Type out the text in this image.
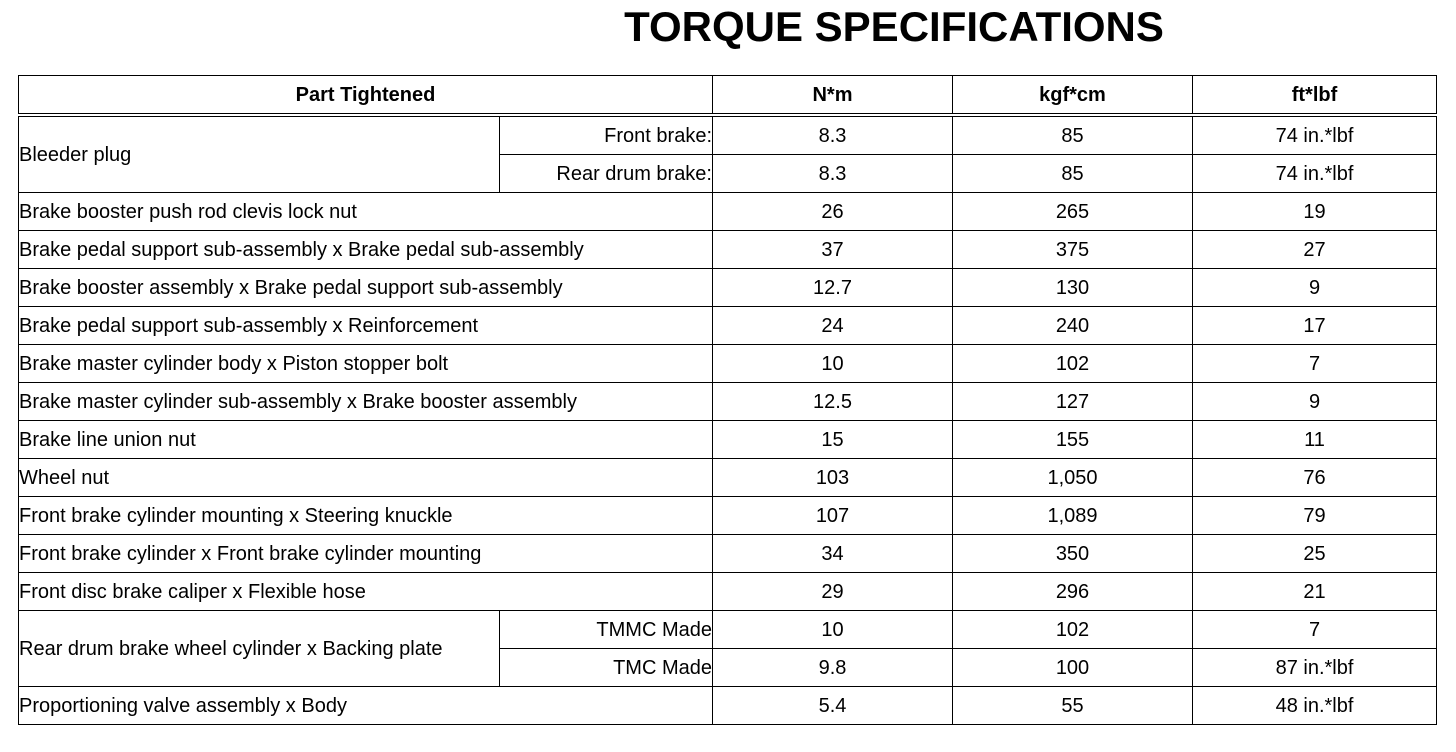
TORQUE SPECIFICATIONS
Part Tightened		N*m	kgf*cm	ft*lbf
Bleeder plug	Front brake:	8.3	85	74 in.*lbf
	Rear drum brake:	8.3	85	74 in.*lbf
Brake booster push rod clevis lock nut		26	265	19
Brake pedal support sub-assembly x Brake pedal sub-assembly		37	375	27
Brake booster assembly x Brake pedal support sub-assembly		12.7	130	9
Brake pedal support sub-assembly x Reinforcement		24	240	17
Brake master cylinder body x Piston stopper bolt		10	102	7
Brake master cylinder sub-assembly x Brake booster assembly		12.5	127	9
Brake line union nut		15	155	11
Wheel nut		103	1,050	76
Front brake cylinder mounting x Steering knuckle		107	1,089	79
Front brake cylinder x Front brake cylinder mounting		34	350	25
Front disc brake caliper x Flexible hose		29	296	21
Rear drum brake wheel cylinder x Backing plate	TMMC Made	10	102	7
	TMC Made	9.8	100	87 in.*lbf
Proportioning valve assembly x Body		5.4	55	48 in.*lbf
